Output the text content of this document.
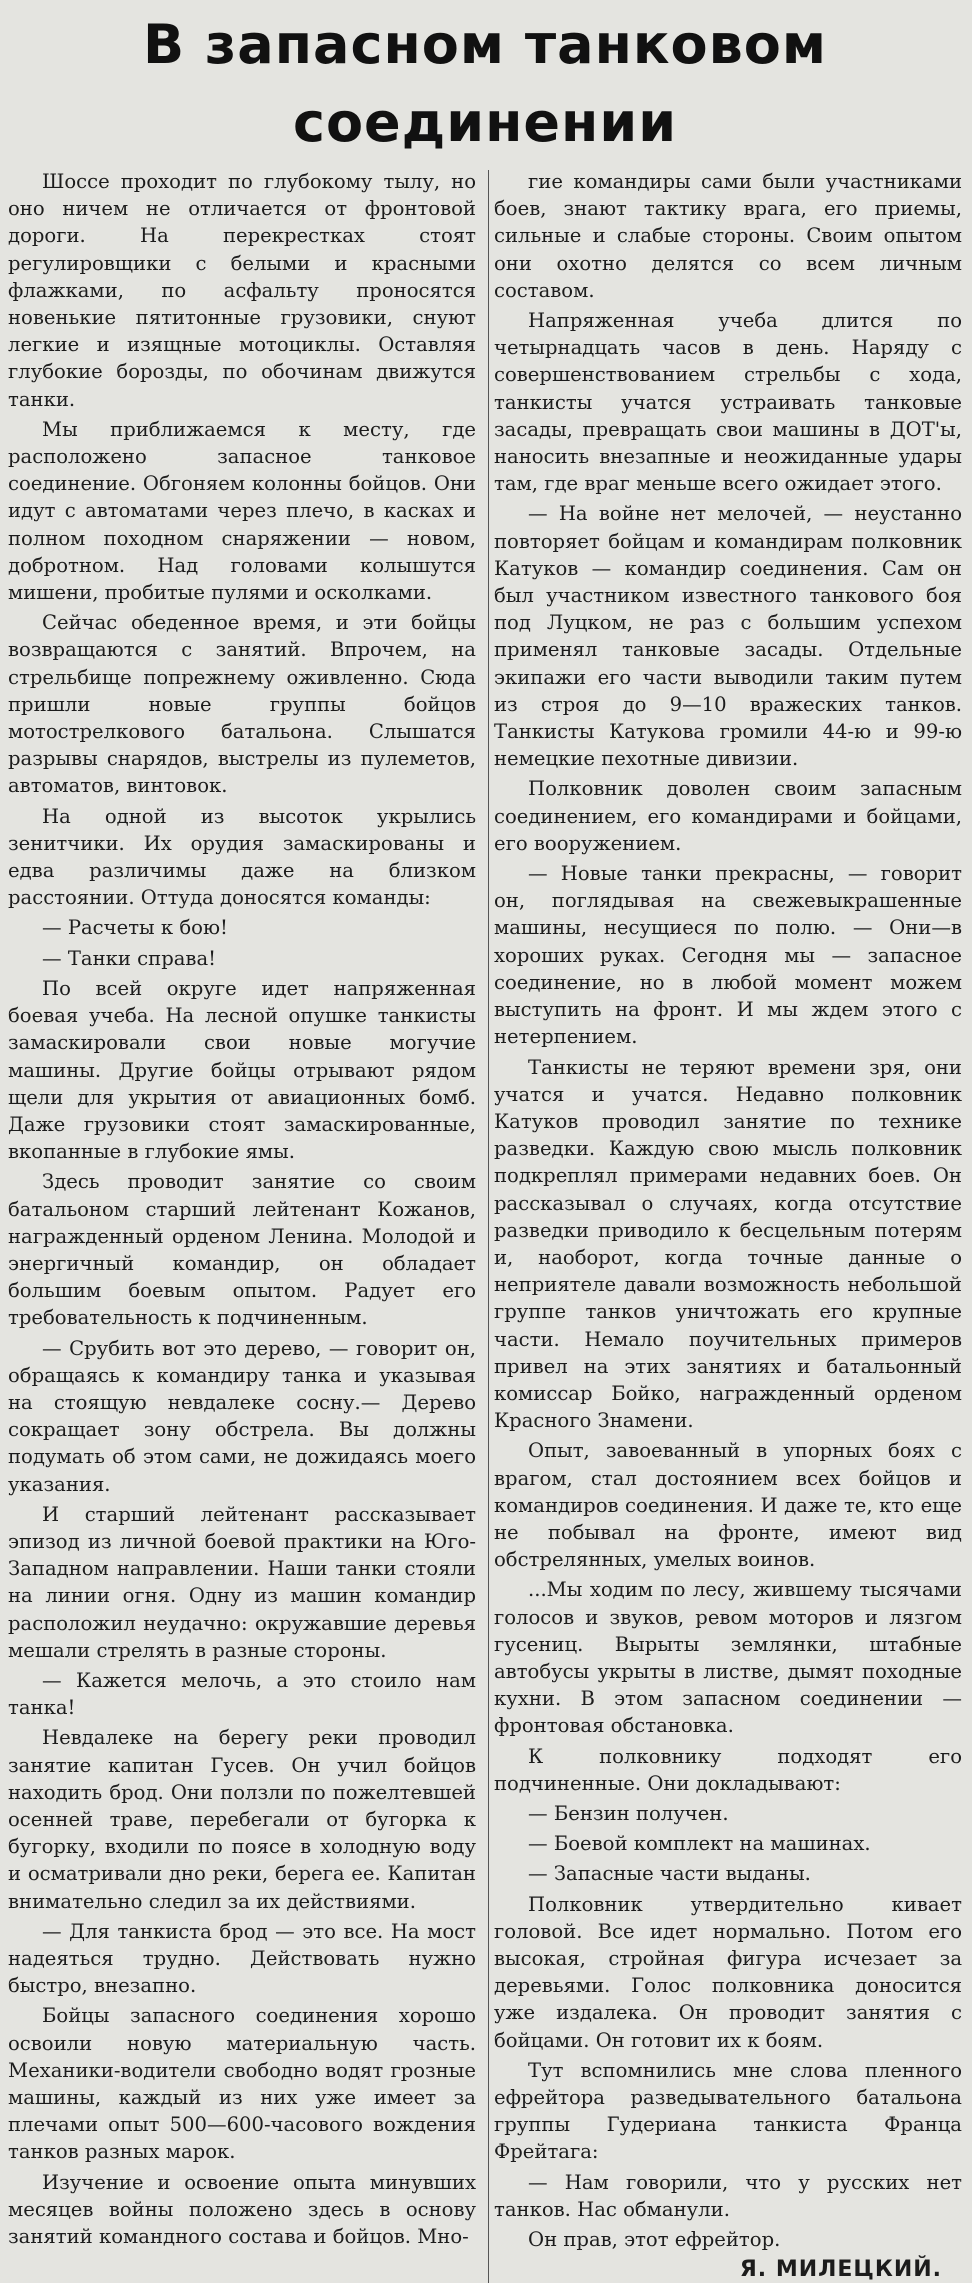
В запасном танковом
соединении

Шоссе проходит по глубокому тылу, но оно ничем не отличается от фронтовой дороги. На перекрестках стоят регулировщики с белыми и красными флажками, по асфальту проносятся новенькие пятитонные грузовики, снуют легкие и изящные мотоциклы. Оставляя глубокие борозды, по обочинам движутся танки.

Мы приближаемся к месту, где расположено запасное танковое соединение. Обгоняем колонны бойцов. Они идут с автоматами через плечо, в касках и полном походном снаряжении — новом, добротном. Над головами колышутся мишени, пробитые пулями и осколками.

Сейчас обеденное время, и эти бойцы возвращаются с занятий. Впрочем, на стрельбище попрежнему оживленно. Сюда пришли новые группы бойцов мотострелкового батальона. Слышатся разрывы снарядов, выстрелы из пулеметов, автоматов, винтовок.

На одной из высоток укрылись зенитчики. Их орудия замаскированы и едва различимы даже на близком расстоянии. Оттуда доносятся команды:

— Расчеты к бою!

— Танки справа!

По всей округе идет напряженная боевая учеба. На лесной опушке танкисты замаскировали свои новые могучие машины. Другие бойцы отрывают рядом щели для укрытия от авиационных бомб. Даже грузовики стоят замаскированные, вкопанные в глубокие ямы.

Здесь проводит занятие со своим батальоном старший лейтенант Кожанов, награжденный орденом Ленина. Молодой и энергичный командир, он обладает большим боевым опытом. Радует его требовательность к подчиненным.

— Срубить вот это дерево, — говорит он, обращаясь к командиру танка и указывая на стоящую невдалеке сосну.— Дерево сокращает зону обстрела. Вы должны подумать об этом сами, не дожидаясь моего указания.

И старший лейтенант рассказывает эпизод из личной боевой практики на Юго-Западном направлении. Наши танки стояли на линии огня. Одну из машин командир расположил неудачно: окружавшие деревья мешали стрелять в разные стороны.

— Кажется мелочь, а это стоило нам танка!

Невдалеке на берегу реки проводил занятие капитан Гусев. Он учил бойцов находить брод. Они ползли по пожелтевшей осенней траве, перебегали от бугорка к бугорку, входили по поясе в холодную воду и осматривали дно реки, берега ее. Капитан внимательно следил за их действиями.

— Для танкиста брод — это все. На мост надеяться трудно. Действовать нужно быстро, внезапно.

Бойцы запасного соединения хорошо освоили новую материальную часть. Механики-водители свободно водят грозные машины, каждый из них уже имеет за плечами опыт 500—600-часового вождения танков разных марок.

Изучение и освоение опыта минувших месяцев войны положено здесь в основу занятий командного состава и бойцов. Мно-

гие командиры сами были участниками боев, знают тактику врага, его приемы, сильные и слабые стороны. Своим опытом они охотно делятся со всем личным составом.

Напряженная учеба длится по четырнадцать часов в день. Наряду с совершенствованием стрельбы с хода, танкисты учатся устраивать танковые засады, превращать свои машины в ДОТ'ы, наносить внезапные и неожиданные удары там, где враг меньше всего ожидает этого.

— На войне нет мелочей, — неустанно повторяет бойцам и командирам полковник Катуков — командир соединения. Сам он был участником известного танкового боя под Луцком, не раз с большим успехом применял танковые засады. Отдельные экипажи его части выводили таким путем из строя до 9—10 вражеских танков. Танкисты Катукова громили 44-ю и 99-ю немецкие пехотные дивизии.

Полковник доволен своим запасным соединением, его командирами и бойцами, его вооружением.

— Новые танки прекрасны, — говорит он, поглядывая на свежевыкрашенные машины, несущиеся по полю. — Они—в хороших руках. Сегодня мы — запасное соединение, но в любой момент можем выступить на фронт. И мы ждем этого с нетерпением.

Танкисты не теряют времени зря, они учатся и учатся. Недавно полковник Катуков проводил занятие по технике разведки. Каждую свою мысль полковник подкреплял примерами недавних боев. Он рассказывал о случаях, когда отсутствие разведки приводило к бесцельным потерям и, наоборот, когда точные данные о неприятеле давали возможность небольшой группе танков уничтожать его крупные части. Немало поучительных примеров привел на этих занятиях и батальонный комиссар Бойко, награжденный орденом Красного Знамени.

Опыт, завоеванный в упорных боях с врагом, стал достоянием всех бойцов и командиров соединения. И даже те, кто еще не побывал на фронте, имеют вид обстрелянных, умелых воинов.

...Мы ходим по лесу, жившему тысячами голосов и звуков, ревом моторов и лязгом гусениц. Вырыты землянки, штабные автобусы укрыты в листве, дымят походные кухни. В этом запасном соединении — фронтовая обстановка.

К полковнику подходят его подчиненные. Они докладывают:

— Бензин получен.

— Боевой комплект на машинах.

— Запасные части выданы.

Полковник утвердительно кивает головой. Все идет нормально. Потом его высокая, стройная фигура исчезает за деревьями. Голос полковника доносится уже издалека. Он проводит занятия с бойцами. Он готовит их к боям.

Тут вспомнились мне слова пленного ефрейтора разведывательного батальона группы Гудериана танкиста Франца Фрейтага:

— Нам говорили, что у русских нет танков. Нас обманули.

Он прав, этот ефрейтор.

Я. МИЛЕЦКИЙ.
